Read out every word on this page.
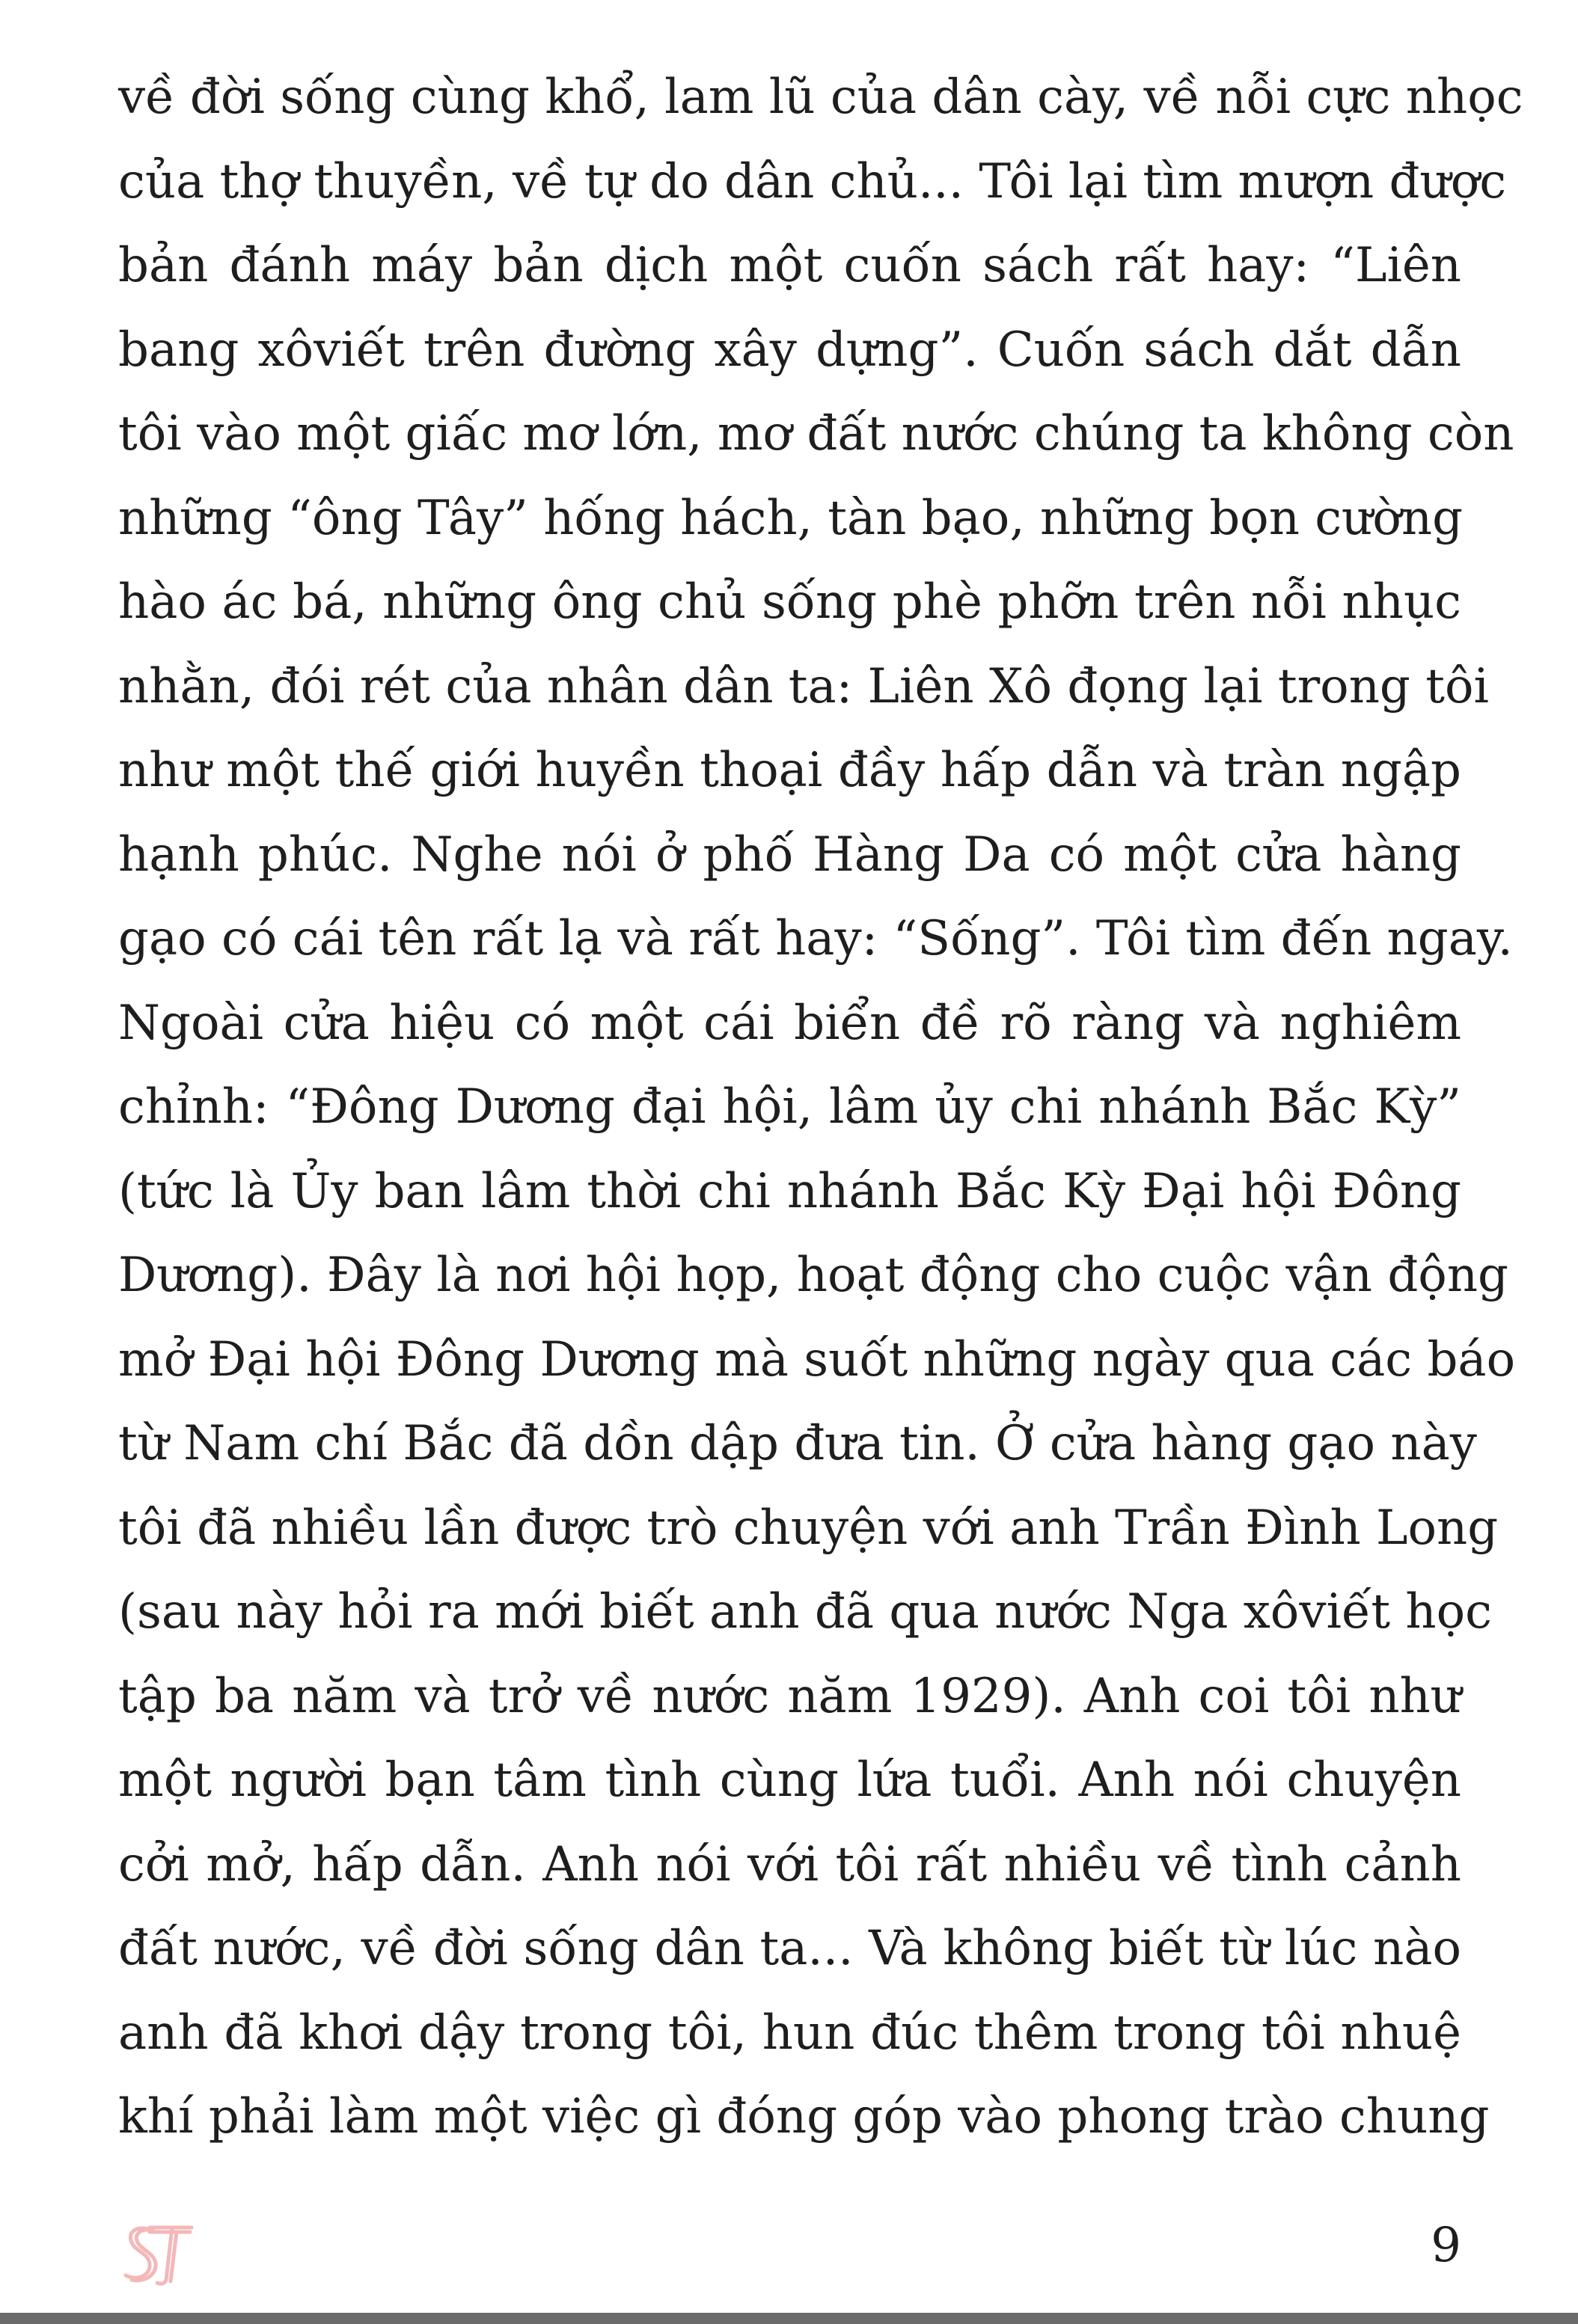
về đời sống cùng khổ, lam lũ của dân cày, về nỗi cực nhọc
của thợ thuyền, về tự do dân chủ... Tôi lại tìm mượn được
bản đánh máy bản dịch một cuốn sách rất hay: “Liên
bang xôviết trên đường xây dựng”. Cuốn sách dắt dẫn
tôi vào một giấc mơ lớn, mơ đất nước chúng ta không còn
những “ông Tây” hống hách, tàn bạo, những bọn cường
hào ác bá, những ông chủ sống phè phỡn trên nỗi nhục
nhằn, đói rét của nhân dân ta: Liên Xô đọng lại trong tôi
như một thế giới huyền thoại đầy hấp dẫn và tràn ngập
hạnh phúc. Nghe nói ở phố Hàng Da có một cửa hàng
gạo có cái tên rất lạ và rất hay: “Sống”. Tôi tìm đến ngay.
Ngoài cửa hiệu có một cái biển đề rõ ràng và nghiêm
chỉnh: “Đông Dương đại hội, lâm ủy chi nhánh Bắc Kỳ”
(tức là Ủy ban lâm thời chi nhánh Bắc Kỳ Đại hội Đông
Dương). Đây là nơi hội họp, hoạt động cho cuộc vận động
mở Đại hội Đông Dương mà suốt những ngày qua các báo
từ Nam chí Bắc đã dồn dập đưa tin. Ở cửa hàng gạo này
tôi đã nhiều lần được trò chuyện với anh Trần Đình Long
(sau này hỏi ra mới biết anh đã qua nước Nga xôviết học
tập ba năm và trở về nước năm 1929). Anh coi tôi như
một người bạn tâm tình cùng lứa tuổi. Anh nói chuyện
cởi mở, hấp dẫn. Anh nói với tôi rất nhiều về tình cảnh
đất nước, về đời sống dân ta... Và không biết từ lúc nào
anh đã khơi dậy trong tôi, hun đúc thêm trong tôi nhuệ
khí phải làm một việc gì đóng góp vào phong trào chung
9
